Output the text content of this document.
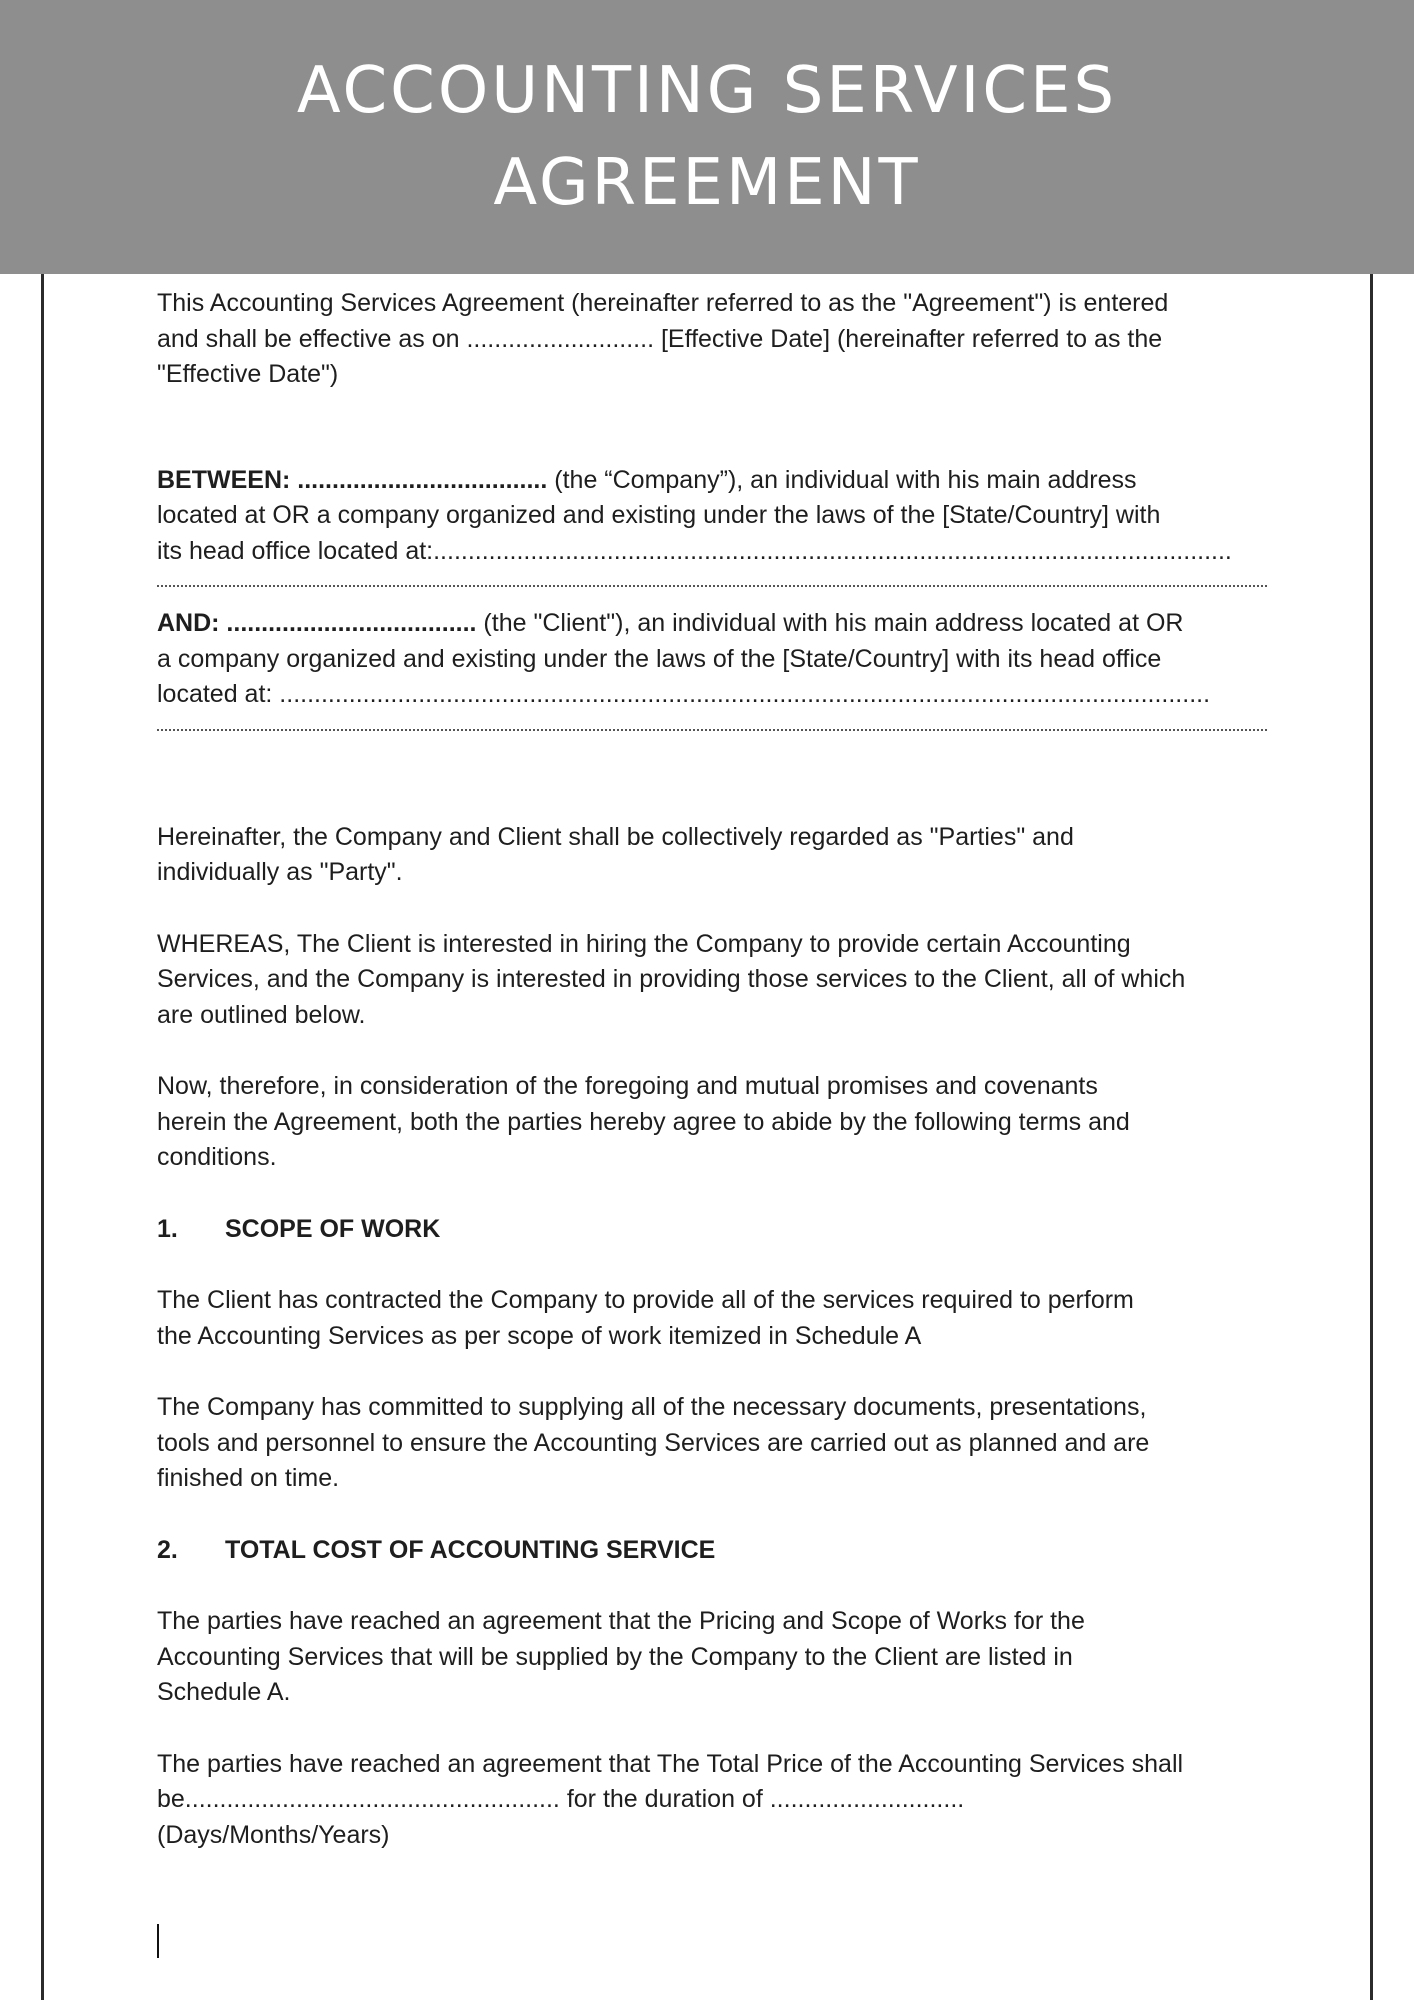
ACCOUNTING SERVICES
AGREEMENT

This Accounting Services Agreement (hereinafter referred to as the "Agreement") is entered

and shall be effective as on ........................... [Effective Date] (hereinafter referred to as the

"Effective Date")

BETWEEN: .................................... (the “Company”), an individual with his main address

located at OR a company organized and existing under the laws of the [State/Country] with

its head office located at:...................................................................................................................

AND: .................................... (the "Client"), an individual with his main address located at OR

a company organized and existing under the laws of the [State/Country] with its head office

located at: ......................................................................................................................................

Hereinafter, the Company and Client shall be collectively regarded as "Parties" and

individually as "Party".

WHEREAS, The Client is interested in hiring the Company to provide certain Accounting

Services, and the Company is interested in providing those services to the Client, all of which

are outlined below.

Now, therefore, in consideration of the foregoing and mutual promises and covenants

herein the Agreement, both the parties hereby agree to abide by the following terms and

conditions.

1. SCOPE OF WORK

The Client has contracted the Company to provide all of the services required to perform

the Accounting Services as per scope of work itemized in Schedule A

The Company has committed to supplying all of the necessary documents, presentations,

tools and personnel to ensure the Accounting Services are carried out as planned and are

finished on time.

2. TOTAL COST OF ACCOUNTING SERVICE

The parties have reached an agreement that the Pricing and Scope of Works for the

Accounting Services that will be supplied by the Company to the Client are listed in

Schedule A.

The parties have reached an agreement that The Total Price of the Accounting Services shall

be...................................................... for the duration of ............................

(Days/Months/Years)
